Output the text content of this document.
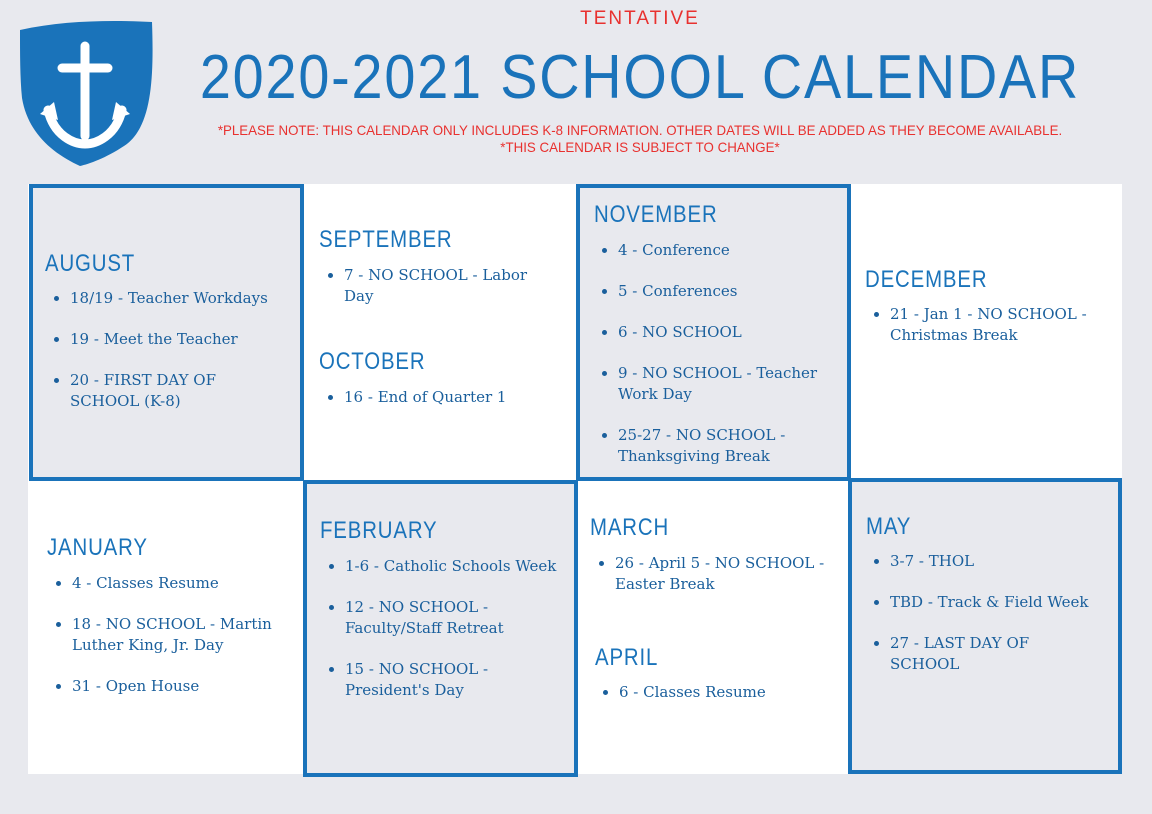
TENTATIVE
2020-2021 SCHOOL CALENDAR
*PLEASE NOTE: THIS CALENDAR ONLY INCLUDES K-8 INFORMATION. OTHER DATES WILL BE ADDED AS THEY BECOME AVAILABLE.
*THIS CALENDAR IS SUBJECT TO CHANGE*
AUGUST
18/19 - Teacher Workdays
19 - Meet the Teacher
20 - FIRST DAY OF SCHOOL (K-8)
SEPTEMBER
7 - NO SCHOOL - Labor Day
OCTOBER
16 - End of Quarter 1
NOVEMBER
4 - Conference
5 - Conferences
6 - NO SCHOOL
9 - NO SCHOOL - Teacher Work Day
25-27 - NO SCHOOL - Thanksgiving Break
DECEMBER
21 - Jan 1 - NO SCHOOL - Christmas Break
JANUARY
4 - Classes Resume
18 - NO SCHOOL - Martin Luther King, Jr. Day
31 - Open House
FEBRUARY
1-6 - Catholic Schools Week
12 - NO SCHOOL - Faculty/Staff Retreat
15 - NO SCHOOL - President's Day
MARCH
26 - April 5 - NO SCHOOL - Easter Break
APRIL
6 - Classes Resume
MAY
3-7 - THOL
TBD - Track & Field Week
27 - LAST DAY OF SCHOOL
